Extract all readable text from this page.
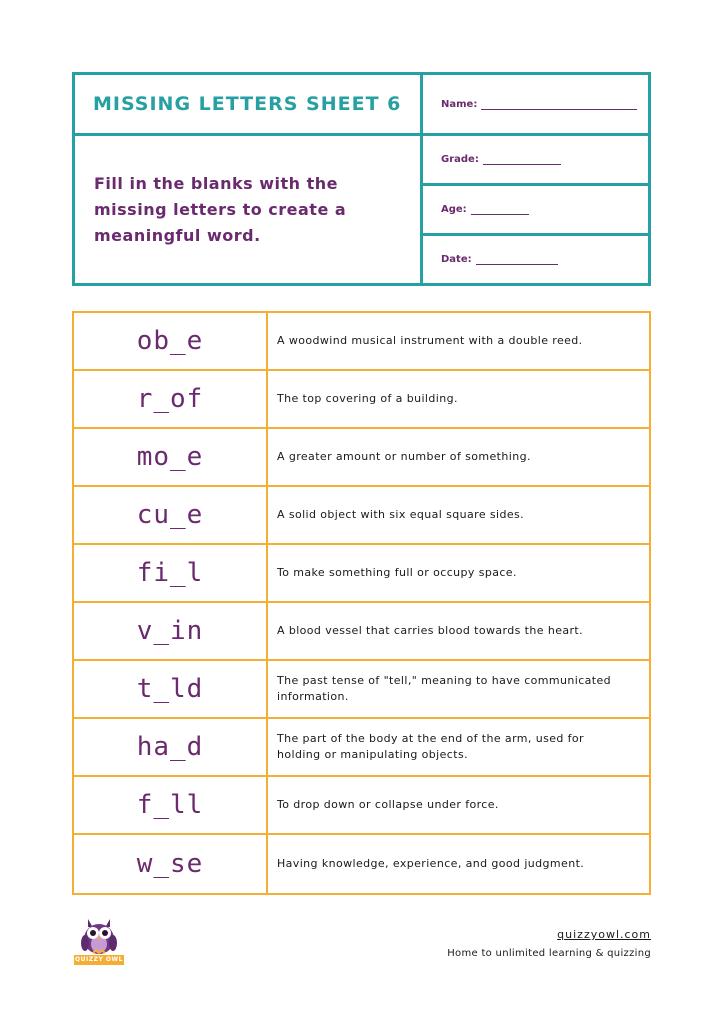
MISSING LETTERS SHEET 6
Fill in the blanks with the missing letters to create a meaningful word.
Name:
Grade:
Age:
Date:
ob_e	A woodwind musical instrument with a double reed.
r_of	The top covering of a building.
mo_e	A greater amount or number of something.
cu_e	A solid object with six equal square sides.
fi_l	To make something full or occupy space.
v_in	A blood vessel that carries blood towards the heart.
t_ld	The past tense of "tell," meaning to have communicated information.
ha_d	The part of the body at the end of the arm, used for holding or manipulating objects.
f_ll	To drop down or collapse under force.
w_se	Having knowledge, experience, and good judgment.
QUIZZY OWL
quizzyowl.com
Home to unlimited learning & quizzing
